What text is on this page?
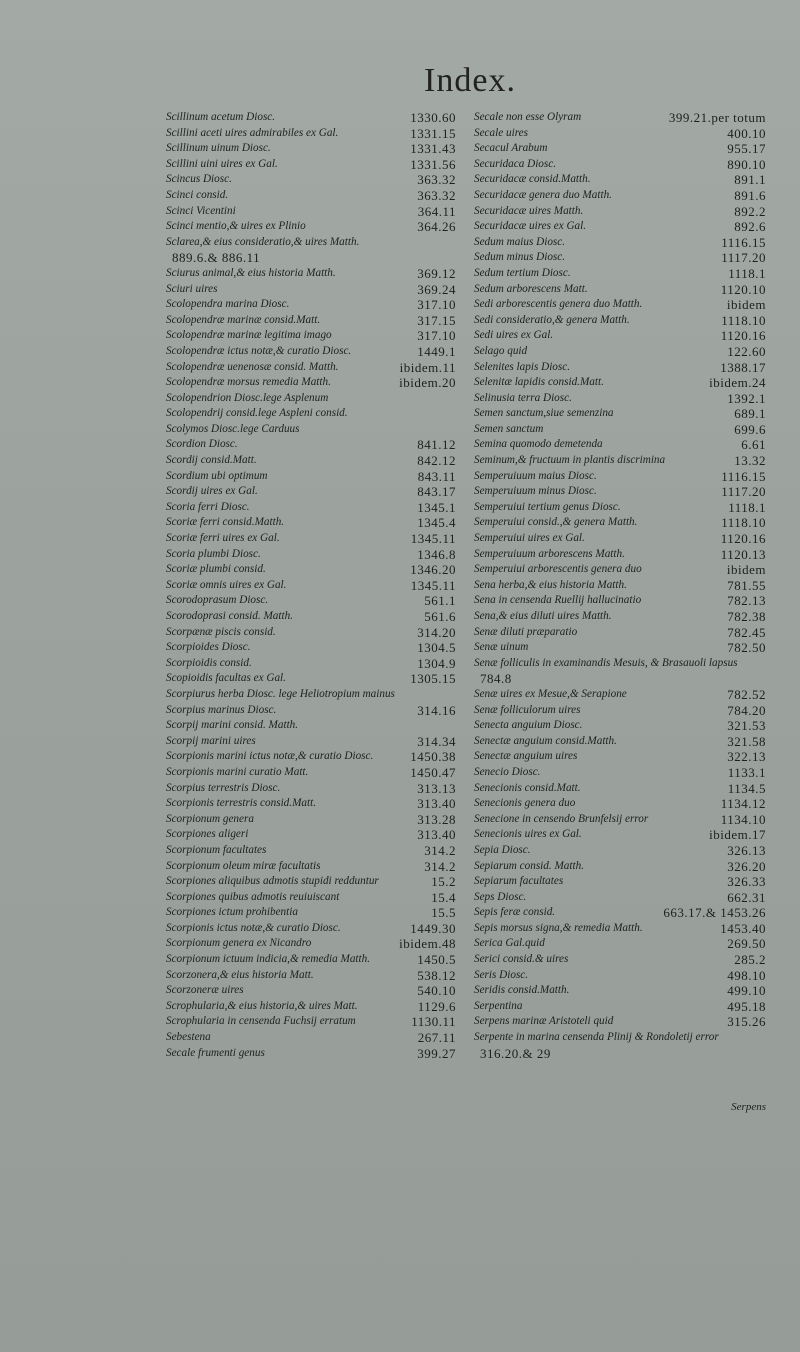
Index.
Scillinum acetum Diosc.	1330.60
Scillini aceti uires admirabiles ex Gal.	1331.15
Scillinum uinum Diosc.	1331.43
Scillini uini uires ex Gal.	1331.56
Scincus Diosc.	363.32
Scinci consid.	363.32
Scinci Vicentini	364.11
Scinci mentio,& uires ex Plinio	364.26
Sclarea,& eius consideratio,& uires Matth.
889.6.& 886.11
Sciurus animal,& eius historia Matth.	369.12
Sciuri uires	369.24
Scolopendra marina Diosc.	317.10
Scolopendræ marinæ consid.Matt.	317.15
Scolopendræ marinæ legitima imago	317.10
Scolopendræ ictus notæ,& curatio Diosc.	1449.1
Scolopendræ uenenosæ consid. Matth.	ibidem.11
Scolopendræ morsus remedia Matth.	ibidem.20
Scolopendrion Diosc.lege Asplenum
Scolopendrij consid.lege Aspleni consid.
Scolymos Diosc.lege Carduus
Scordion Diosc.	841.12
Scordij consid.Matt.	842.12
Scordium ubi optimum	843.11
Scordij uires ex Gal.	843.17
Scoria ferri Diosc.	1345.1
Scoriæ ferri consid.Matth.	1345.4
Scoriæ ferri uires ex Gal.	1345.11
Scoria plumbi Diosc.	1346.8
Scoriæ plumbi consid.	1346.20
Scoriæ omnis uires ex Gal.	1345.11
Scorodoprasum Diosc.	561.1
Scorodoprasi consid. Matth.	561.6
Scorpænæ piscis consid.	314.20
Scorpioides Diosc.	1304.5
Scorpioidis consid.	1304.9
Scopioidis facultas ex Gal.	1305.15
Scorpiurus herba Diosc. lege Heliotropium mainus
Scorpius marinus Diosc.	314.16
Scorpij marini consid. Matth.
Scorpij marini uires	314.34
Scorpionis marini ictus notæ,& curatio Diosc.	1450.38
Scorpionis marini curatio Matt.	1450.47
Scorpius terrestris Diosc.	313.13
Scorpionis terrestris consid.Matt.	313.40
Scorpionum genera	313.28
Scorpiones aligeri	313.40
Scorpionum facultates	314.2
Scorpionum oleum miræ facultatis	314.2
Scorpiones aliquibus admotis stupidi redduntur	15.2
Scorpiones quibus admotis reuiuiscant	15.4
Scorpiones ictum prohibentia	15.5
Scorpionis ictus notæ,& curatio Diosc.	1449.30
Scorpionum genera ex Nicandro	ibidem.48
Scorpionum ictuum indicia,& remedia Matth.	1450.5
Scorzonera,& eius historia Matt.	538.12
Scorzoneræ uires	540.10
Scrophularia,& eius historia,& uires Matt.	1129.6
Scrophularia in censenda Fuchsij erratum	1130.11
Sebestena	267.11
Secale frumenti genus	399.27
Secale non esse Olyram	399.21.per totum
Secale uires	400.10
Secacul Arabum	955.17
Securidaca Diosc.	890.10
Securidacæ consid.Matth.	891.1
Securidacæ genera duo Matth.	891.6
Securidacæ uires Matth.	892.2
Securidacæ uires ex Gal.	892.6
Sedum maius Diosc.	1116.15
Sedum minus Diosc.	1117.20
Sedum tertium Diosc.	1118.1
Sedum arborescens Matt.	1120.10
Sedi arborescentis genera duo Matth.	ibidem
Sedi consideratio,& genera Matth.	1118.10
Sedi uires ex Gal.	1120.16
Selago quid	122.60
Selenites lapis Diosc.	1388.17
Selenitæ lapidis consid.Matt.	ibidem.24
Selinusia terra Diosc.	1392.1
Semen sanctum,siue semenzina	689.1
Semen sanctum	699.6
Semina quomodo demetenda	6.61
Seminum,& fructuum in plantis discrimina	13.32
Semperuiuum maius Diosc.	1116.15
Semperuiuum minus Diosc.	1117.20
Semperuiui tertium genus Diosc.	1118.1
Semperuiui consid.,& genera Matth.	1118.10
Semperuiui uires ex Gal.	1120.16
Semperuiuum arborescens Matth.	1120.13
Semperuiui arborescentis genera duo	ibidem
Sena herba,& eius historia Matth.	781.55
Sena in censenda Ruellij hallucinatio	782.13
Sena,& eius diluti uires Matth.	782.38
Senæ diluti præparatio	782.45
Senæ uinum	782.50
Senæ folliculis in examinandis Mesuis, & Brasauoli lapsus
784.8
Senæ uires ex Mesue,& Serapione	782.52
Senæ folliculorum uires	784.20
Senecta anguium Diosc.	321.53
Senectæ anguium consid.Matth.	321.58
Senectæ anguium uires	322.13
Senecio Diosc.	1133.1
Senecionis consid.Matt.	1134.5
Senecionis genera duo	1134.12
Senecione in censendo Brunfelsij error	1134.10
Senecionis uires ex Gal.	ibidem.17
Sepia Diosc.	326.13
Sepiarum consid. Matth.	326.20
Sepiarum facultates	326.33
Seps Diosc.	662.31
Sepis feræ consid.	663.17.& 1453.26
Sepis morsus signa,& remedia Matth.	1453.40
Serica Gal.quid	269.50
Serici consid.& uires	285.2
Seris Diosc.	498.10
Seridis consid.Matth.	499.10
Serpentina	495.18
Serpens marinæ Aristoteli quid	315.26
Serpente in marina censenda Plinij & Rondoletij error
316.20.& 29
Serpens
